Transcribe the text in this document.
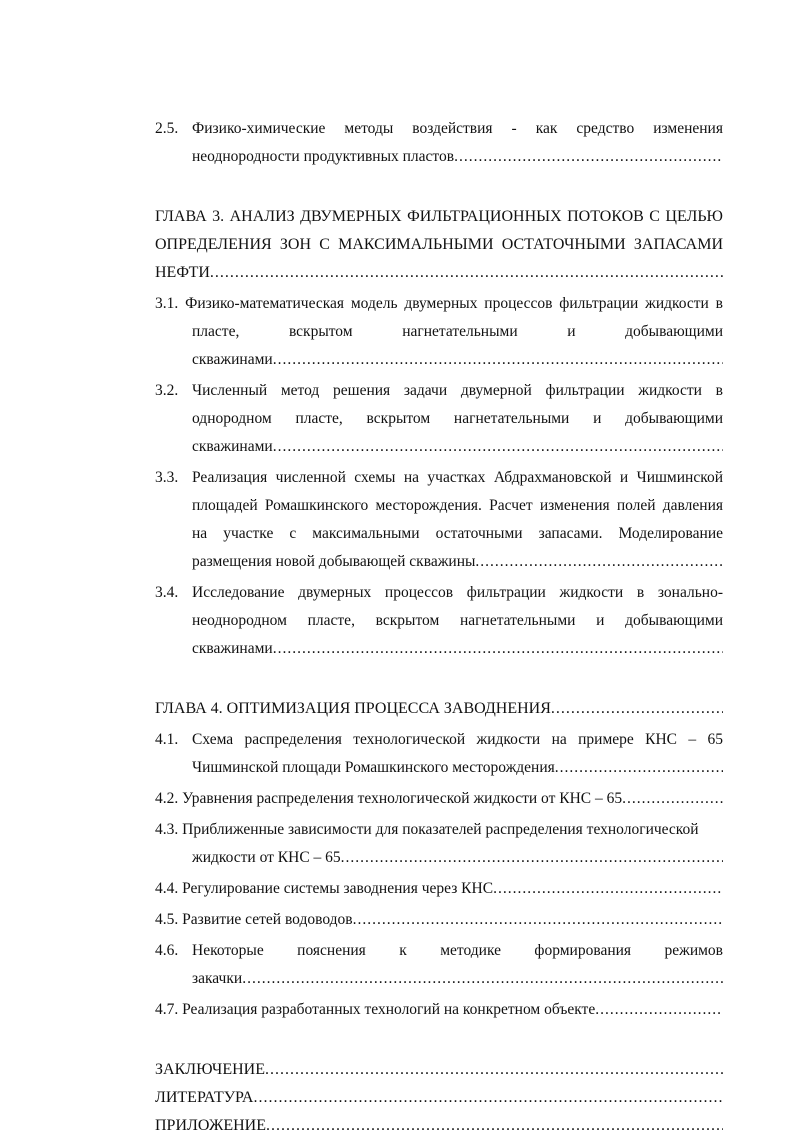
2.5. Физико-химические методы воздействия - как средство изменения
неоднородности продуктивных пластов
.....
ГЛАВА 3. АНАЛИЗ ДВУМЕРНЫХ ФИЛЬТРАЦИОННЫХ ПОТОКОВ С ЦЕЛЬЮ
ОПРЕДЕЛЕНИЯ ЗОН С МАКСИМАЛЬНЫМИ ОСТАТОЧНЫМИ ЗАПАСАМИ
НЕФТИ
.....
3.1. Физико-математическая модель двумерных процессов фильтрации жидкости в
пласте, вскрытом нагнетательными и добывающими
скважинами
.....
3.2. Численный метод решения задачи двумерной фильтрации жидкости в
однородном пласте, вскрытом нагнетательными и добывающими
скважинами
.....
3.3. Реализация численной схемы на участках Абдрахмановской и Чишминской
площадей Ромашкинского месторождения. Расчет изменения полей давления
на участке с максимальными остаточными запасами. Моделирование
размещения новой добывающей скважины
.....
3.4. Исследование двумерных процессов фильтрации жидкости в зонально-
неоднородном пласте, вскрытом нагнетательными и добывающими
скважинами
.....
ГЛАВА 4. ОПТИМИЗАЦИЯ ПРОЦЕССА ЗАВОДНЕНИЯ
.....
4.1. Схема распределения технологической жидкости на примере КНС – 65
Чишминской площади Ромашкинского месторождения
.....
4.2. Уравнения распределения технологической жидкости от КНС – 65
.....
4.3. Приближенные зависимости для показателей распределения технологической
жидкости от КНС – 65
.....
4.4. Регулирование системы заводнения через КНС
.....
4.5. Развитие сетей водоводов
.....
4.6. Некоторые пояснения к методике формирования режимов
закачки
.....
4.7. Реализация разработанных технологий на конкретном объекте
.....
ЗАКЛЮЧЕНИЕ
.....
ЛИТЕРАТУРА
.....
ПРИЛОЖЕНИЕ
.....
